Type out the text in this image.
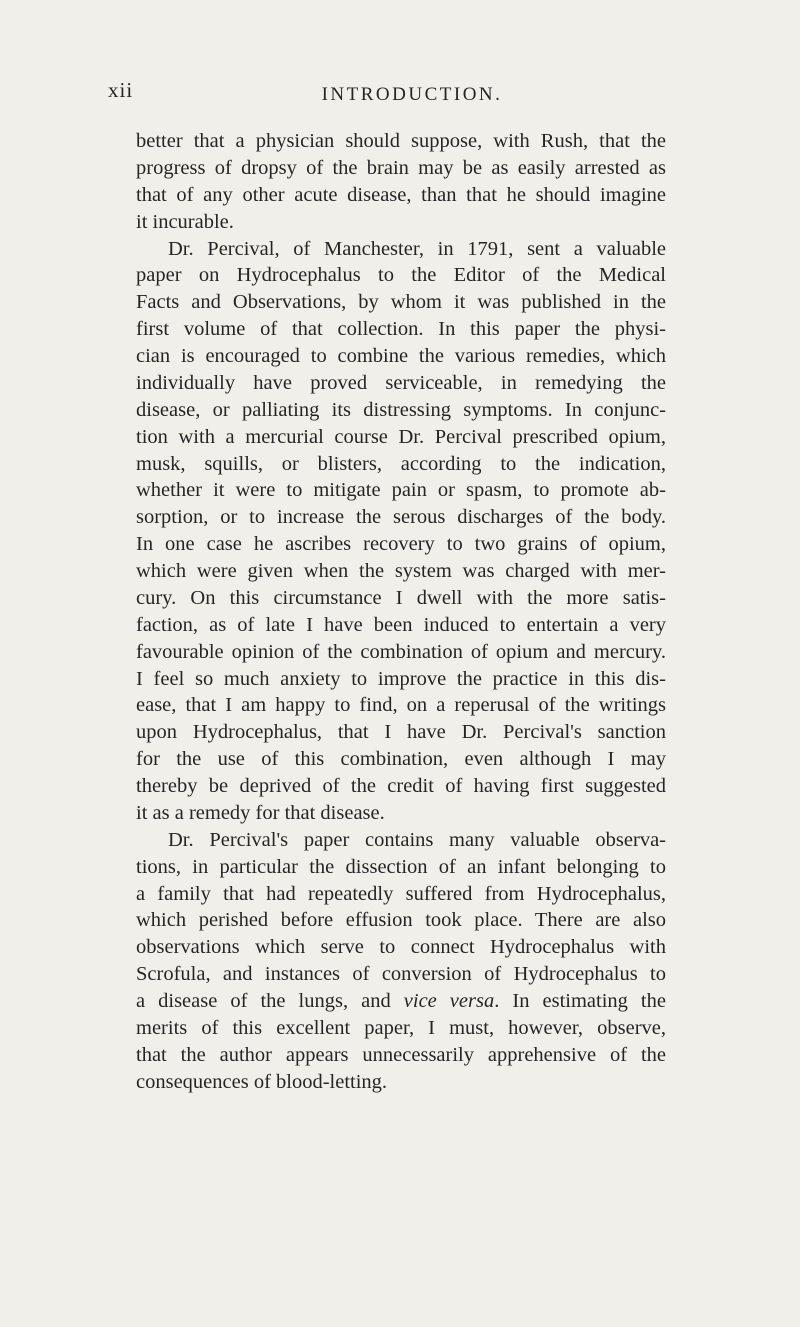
xii	INTRODUCTION.
better that a physician should suppose, with Rush, that the
progress of dropsy of the brain may be as easily arrested as
that of any other acute disease, than that he should imagine
it incurable.
Dr. Percival, of Manchester, in 1791, sent a valuable
paper on Hydrocephalus to the Editor of the Medical
Facts and Observations, by whom it was published in the
first volume of that collection. In this paper the physi-
cian is encouraged to combine the various remedies, which
individually have proved serviceable, in remedying the
disease, or palliating its distressing symptoms. In conjunc-
tion with a mercurial course Dr. Percival prescribed opium,
musk, squills, or blisters, according to the indication,
whether it were to mitigate pain or spasm, to promote ab-
sorption, or to increase the serous discharges of the body.
In one case he ascribes recovery to two grains of opium,
which were given when the system was charged with mer-
cury. On this circumstance I dwell with the more satis-
faction, as of late I have been induced to entertain a very
favourable opinion of the combination of opium and mercury.
I feel so much anxiety to improve the practice in this dis-
ease, that I am happy to find, on a reperusal of the writings
upon Hydrocephalus, that I have Dr. Percival's sanction
for the use of this combination, even although I may
thereby be deprived of the credit of having first suggested
it as a remedy for that disease.
Dr. Percival's paper contains many valuable observa-
tions, in particular the dissection of an infant belonging to
a family that had repeatedly suffered from Hydrocephalus,
which perished before effusion took place. There are also
observations which serve to connect Hydrocephalus with
Scrofula, and instances of conversion of Hydrocephalus to
a disease of the lungs, and vice versa. In estimating the
merits of this excellent paper, I must, however, observe,
that the author appears unnecessarily apprehensive of the
consequences of blood-letting.
